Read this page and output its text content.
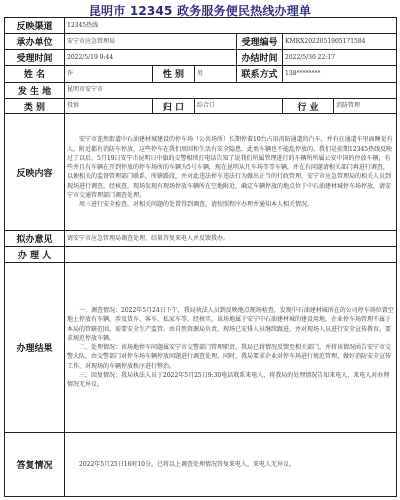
昆明市 12345 政务服务便民热线办理单
反映渠道	12345热线					
承办单位	安宁市应急管理局			受理编号	KMRX2022051905171584	
受理时间	2022/5/19 9:44			办结时间	2022/5/30 22:17	
姓 名	许	性 别	男	联系方式	138********	
发 生 地	昆明市安宁市					
类 别	投诉	归 口	综合口		行 业	消防管理
反映内容	安宁市连然街道中石油建材城建设的停车场（公共场所）长期停着10台占用消防通道的汽车，并有在通道车里面睡觉有人，附近都有消防车停放，这些停车在我们周围和生活有安全隐患，此类车辆也不能乱停放的。我们是前期12345热线反映过了以后，5月19日安宁市昆明日中旗的交警相续打电话告知了说我们所属管理进行的车辆所所属公安中国的停放车辆，有些并且有车辆在开到停放的停车场所的车辆为5号车辆，现在昆明从几车场等等车辆，并在有问题请相关部门再进行调查，以便相关的监督管理部门联系，所辖路段，并对此违法停车违法行为做出正当的行政管理，安宁市应急管理局的相关人员到现场进行调查，经核查，现场发现有现场停放车辆所在空地附近，确定车辆停放的地点位于中石油建材城停车场停放，请安宁市交通管理部门调查处理。

周三进行安全检查，对相关问题的处置得到调查，请按照程序办理并通知本人相关情况。					

拟办意见	请安宁市应急管理局调查处理，结果答复来电人并反馈我办。					
办 理 人						
办理结果	一、调查情况：2022年5月24日下午，我局执法人员到反映地点现场检查，发现中石油建材城所在的公司停车场位置空地上停放有车辆，涉及货车、客车、私家车等，经核实，该场地属于安宁中石油建材城的建设用地，企业停车场管理不属于本局的管辖范围，需要安全生产监管，由自然资源局负责，现场已安排人员继续跟进，并对现场人员进行安全宣传教育，要求规范停放车辆。

二、处理情况：该场地停车问题属安宁市交警部门管理职责，我局已将情况反馈至相关部门，并将该情况函告安宁市交警大队，由交警部门对停车场车辆停放问题进行调查处理。同时，我局要求企业对停车场进行规范管理，做好消防安全宣传工作，对现场的车辆停放秩序进行整治。

三、回复情况：我局执法人员于2022年5月25日9:30电话联系来电人，将我局的处理情况告知来电人，来电人对办理情况无异议。					

答复情况	2022年5月25日16时10分，已将以上调查处理情况答复来电人，来电人无异议。					
